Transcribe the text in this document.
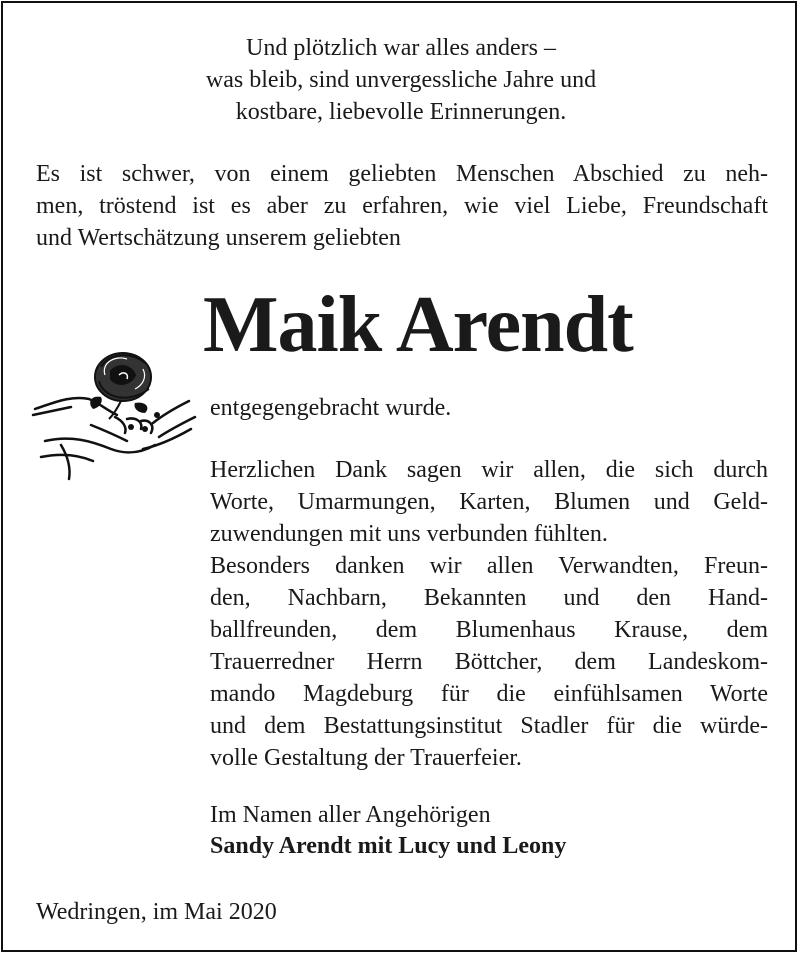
Und plötzlich war alles anders –
was bleib, sind unvergessliche Jahre und
kostbare, liebevolle Erinnerungen.
Es ist schwer, von einem geliebten Menschen Abschied zu neh-
men, tröstend ist es aber zu erfahren, wie viel Liebe, Freundschaft
und Wertschätzung unserem geliebten
Maik Arendt
entgegengebracht wurde.
Herzlichen Dank sagen wir allen, die sich durch
Worte, Umarmungen, Karten, Blumen und Geld-
zuwendungen mit uns verbunden fühlten.
Besonders danken wir allen Verwandten, Freun-
den, Nachbarn, Bekannten und den Hand-
ballfreunden, dem Blumenhaus Krause, dem
Trauerredner Herrn Böttcher, dem Landeskom-
mando Magdeburg für die einfühlsamen Worte
und dem Bestattungsinstitut Stadler für die würde-
volle Gestaltung der Trauerfeier.
Im Namen aller Angehörigen
Sandy Arendt mit Lucy und Leony
Wedringen, im Mai 2020
